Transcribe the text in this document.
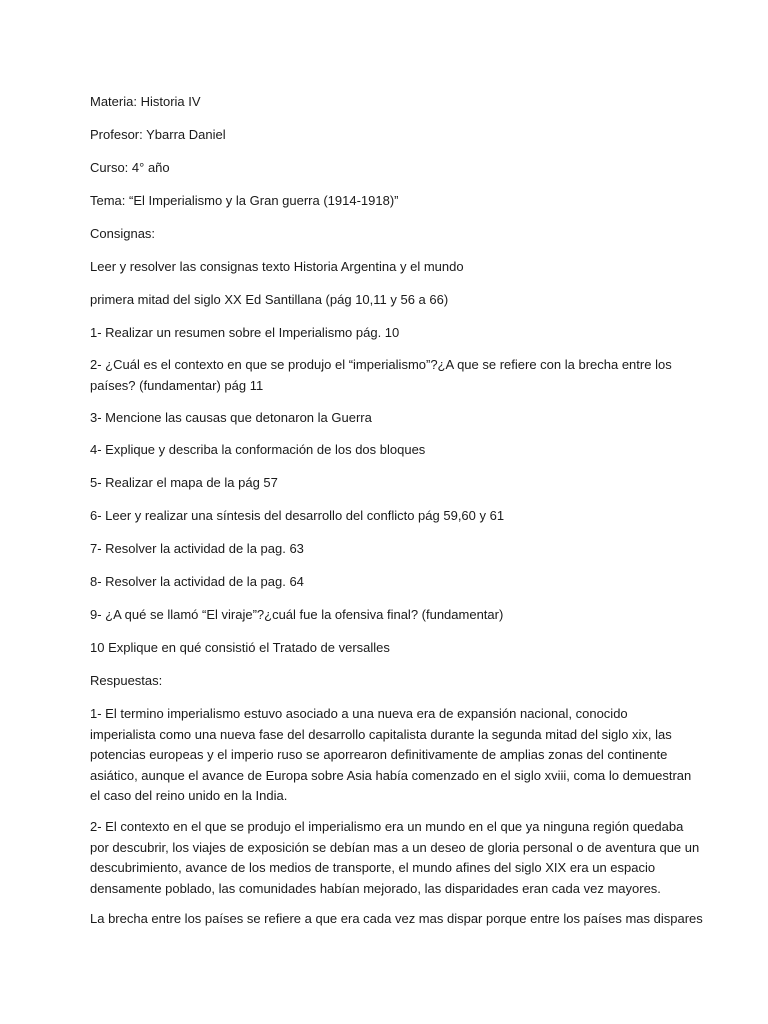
Materia: Historia IV

Profesor: Ybarra Daniel

Curso: 4° año

Tema: “El Imperialismo y la Gran guerra (1914-1918)”

Consignas:

Leer y resolver las consignas texto Historia Argentina y el mundo

primera mitad del siglo XX Ed Santillana (pág 10,11 y 56 a 66)

1- Realizar un resumen sobre el Imperialismo pág. 10

2- ¿Cuál es el contexto en que se produjo el “imperialismo”?¿A que se refiere con la brecha entre los

países? (fundamentar) pág 11

3- Mencione las causas que detonaron la Guerra

4- Explique y describa la conformación de los dos bloques

5- Realizar el mapa de la pág 57

6- Leer y realizar una síntesis del desarrollo del conflicto pág 59,60 y 61

7- Resolver la actividad de la pag. 63

8- Resolver la actividad de la pag. 64

9- ¿A qué se llamó “El viraje”?¿cuál fue la ofensiva final? (fundamentar)

10 Explique en qué consistió el Tratado de versalles

Respuestas:

1- El termino imperialismo estuvo asociado a una nueva era de expansión nacional, conocido
imperialista como una nueva fase del desarrollo capitalista durante la segunda mitad del siglo xix, las
potencias europeas y el imperio ruso se aporrearon definitivamente de amplias zonas del continente
asiático, aunque el avance de Europa sobre Asia había comenzado en el siglo xviii, coma lo demuestran
el caso del reino unido en la India.
2- El contexto en el que se produjo el imperialismo era un mundo en el que ya ninguna región quedaba
por descubrir, los viajes de exposición se debían mas a un deseo de gloria personal o de aventura que un
descubrimiento, avance de los medios de transporte, el mundo afines del siglo XIX era un espacio
densamente poblado, las comunidades habían mejorado, las disparidades eran cada vez mayores.

La brecha entre los países se refiere a que era cada vez mas dispar porque entre los países mas dispares
